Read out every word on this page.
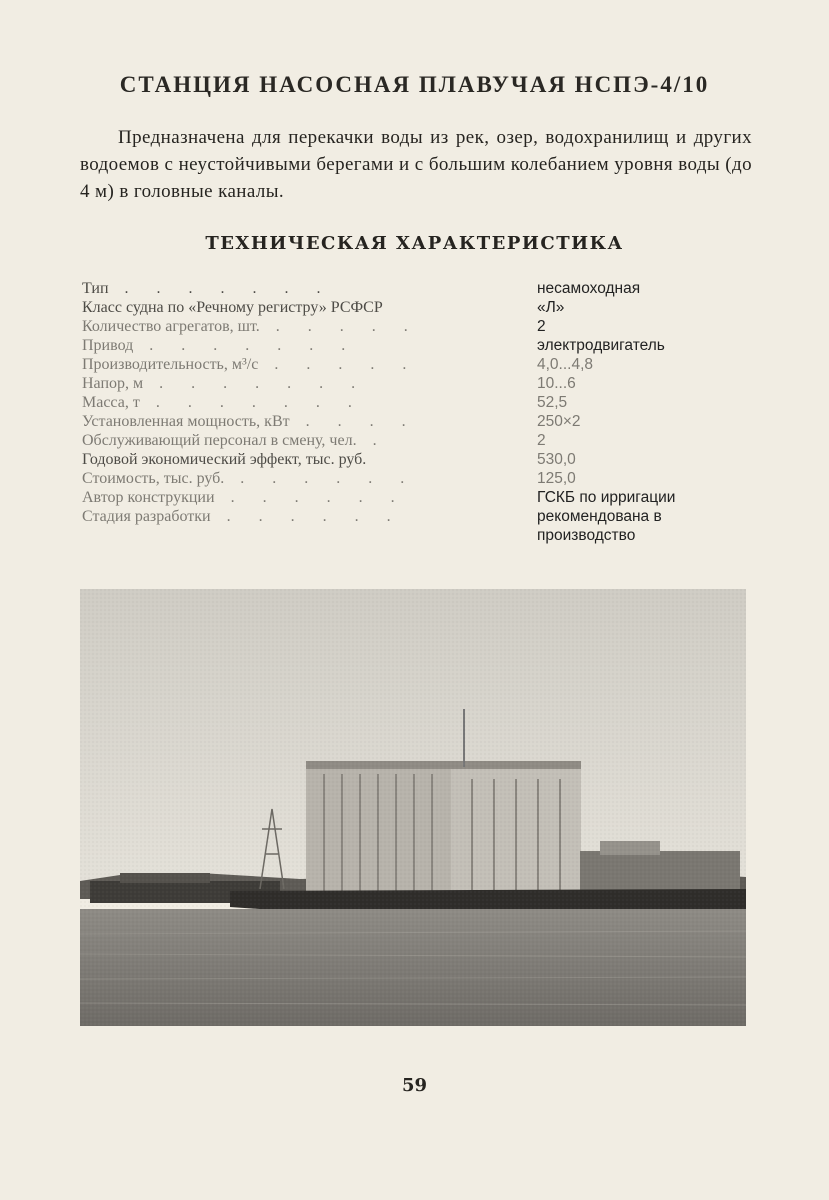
СТАНЦИЯ НАСОСНАЯ ПЛАВУЧАЯ НСПЭ-4/10
Предназначена для перекачки воды из рек, озер, водохранилищ и других водоемов с неустойчивыми берегами и с большим колебанием уровня воды (до 4 м) в головные каналы.
ТЕХНИЧЕСКАЯ ХАРАКТЕРИСТИКА
Тип . . . . . . .	несамоходная
Класс судна по «Речному регистру» РСФСР	«Л»
Количество агрегатов, шт. . . . . .	2
Привод . . . . . . .	электродвигатель
Производительность, м³/с . . . . .	4,0...4,8
Напор, м . . . . . . .	10...6
Масса, т . . . . . . .	52,5
Установленная мощность, кВт . . . .	250×2
Обслуживающий персонал в смену, чел. .	2
Годовой экономический эффект, тыс. руб.	530,0
Стоимость, тыс. руб. . . . . . .	125,0
Автор конструкции . . . . . .	ГСКБ по ирригации
Стадия разработки . . . . . .	рекомендована в производство
59
